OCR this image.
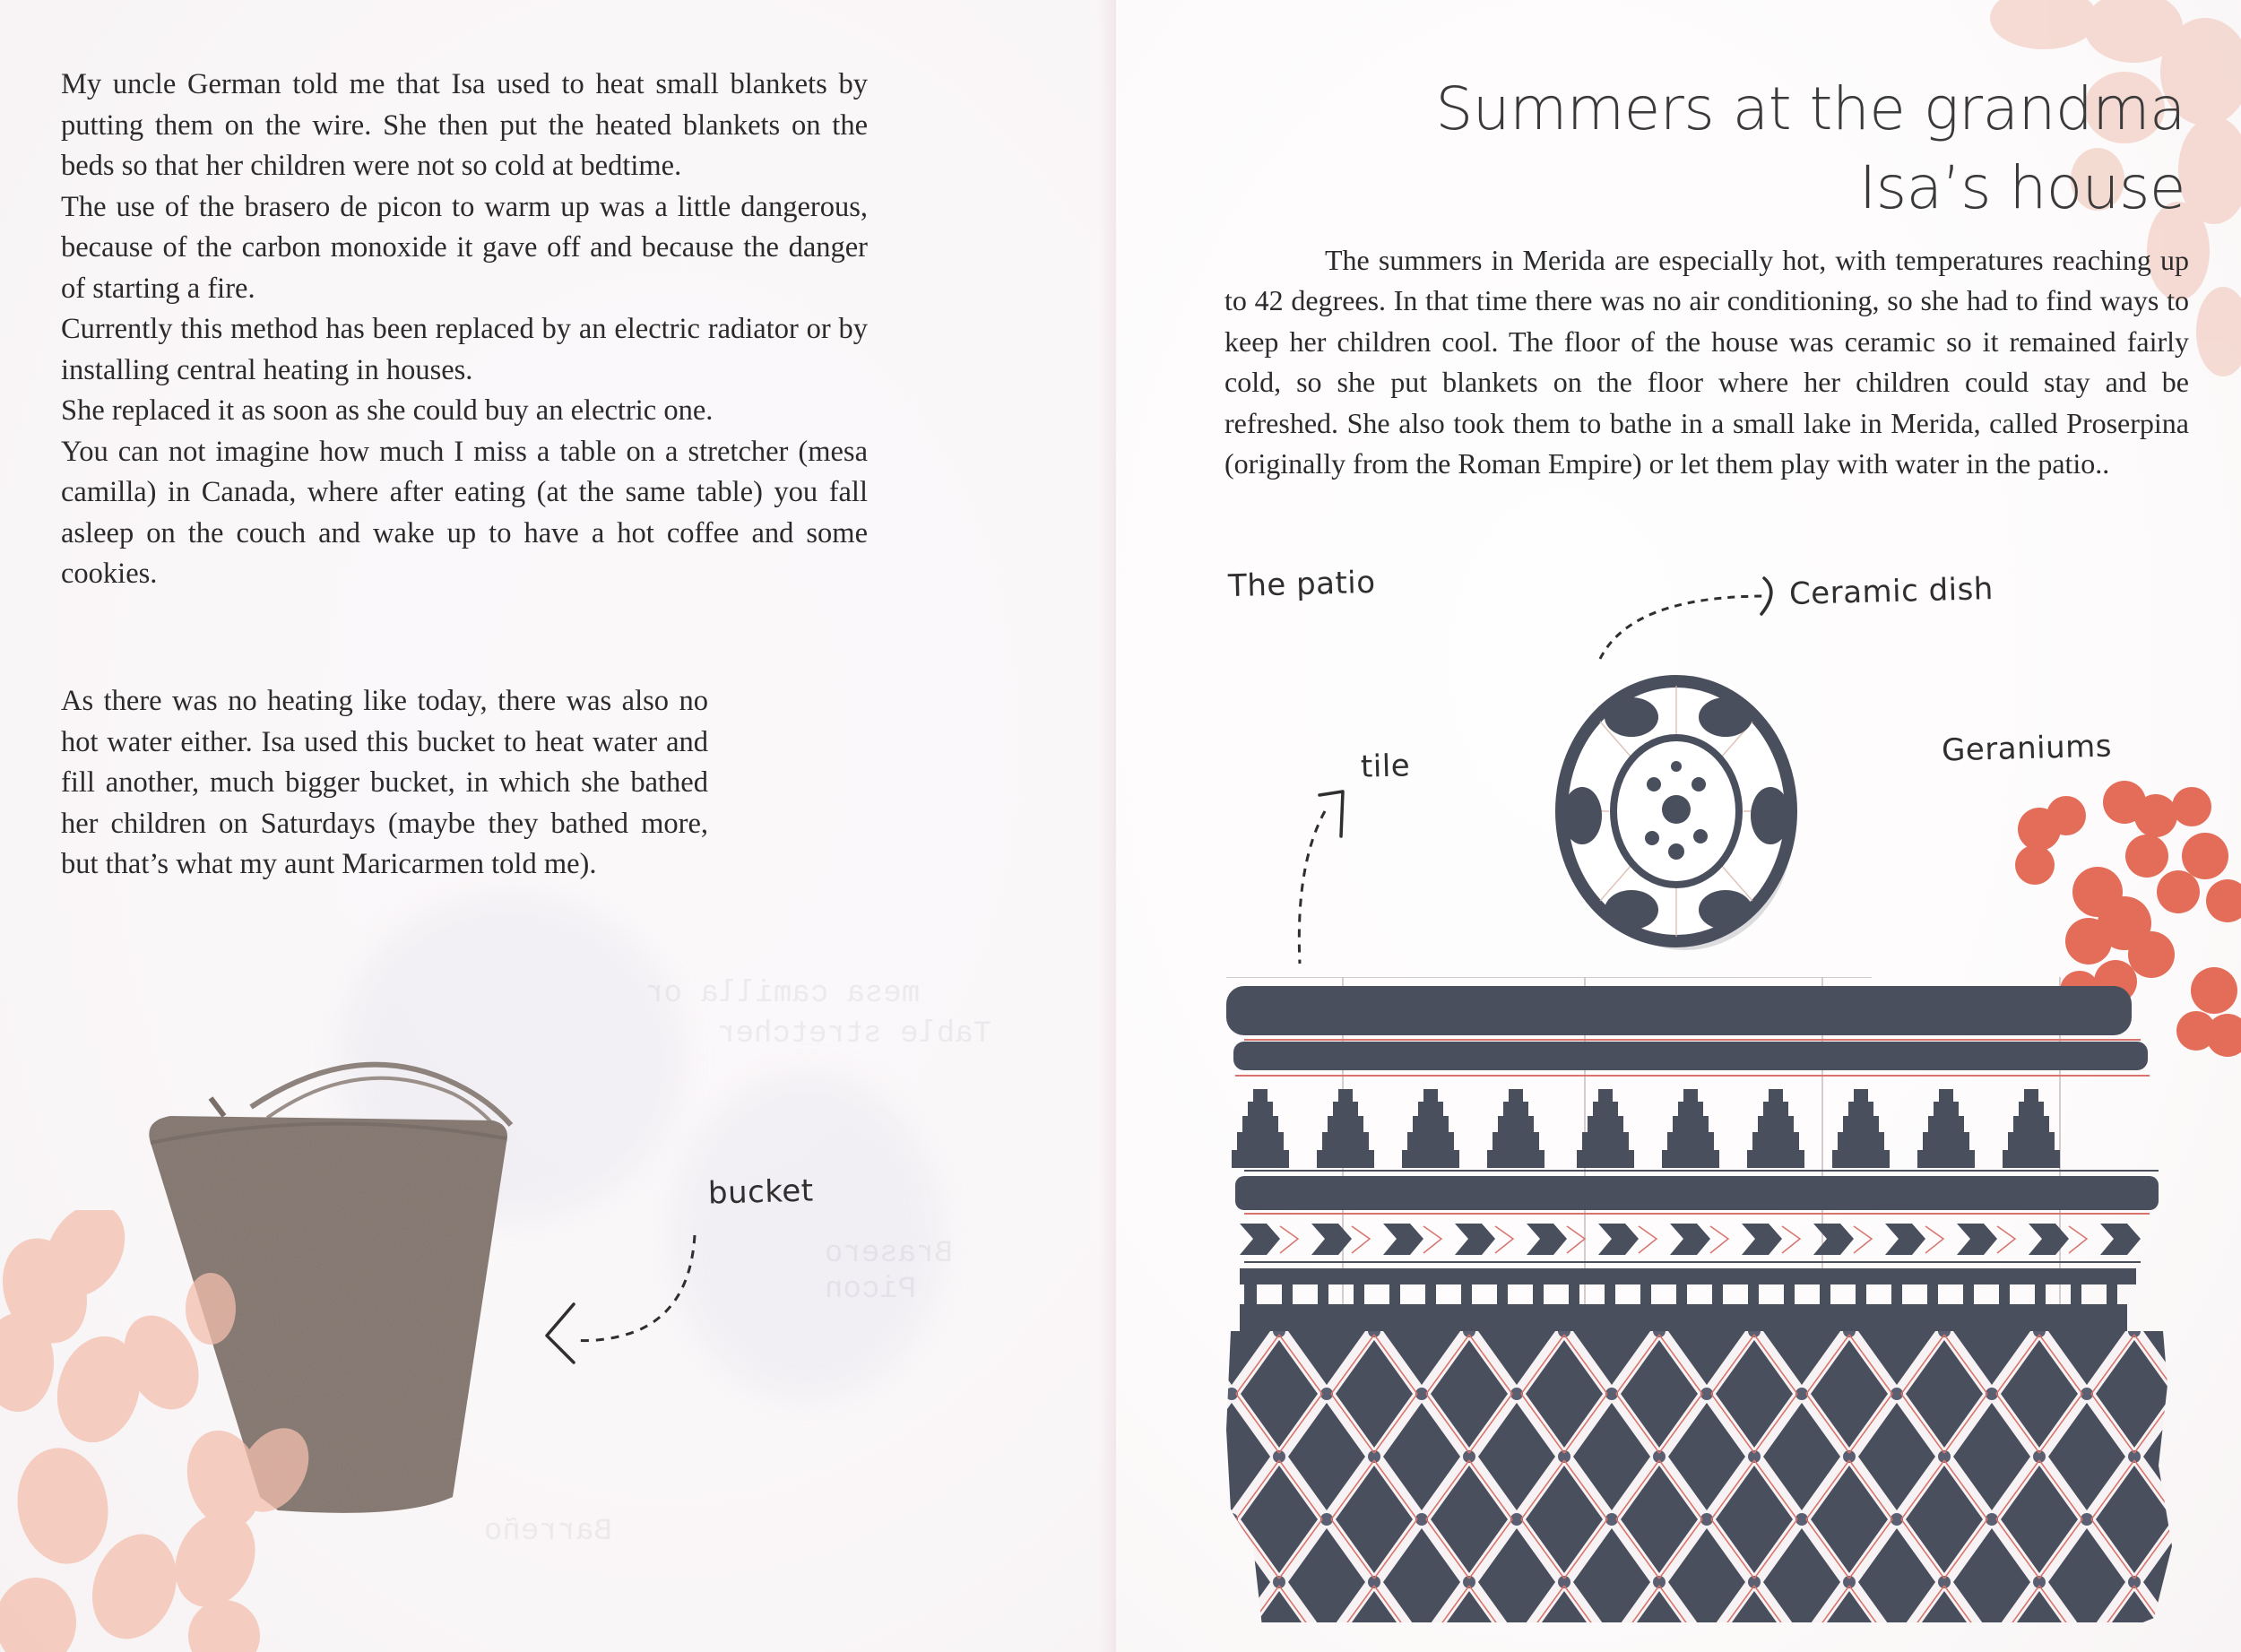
mesa camilla or
Table stretcher
Brasero
Picon
Barreño

My uncle German told me that Isa used to heat small blankets by putting them on the wire. She then put the heated blankets on the beds so that her children were not so cold at bedtime.

The use of the brasero de picon to warm up was a little dangerous, because of the carbon monoxide it gave off and because the danger of starting a fire.

Currently this method has been replaced by an electric radiator or by installing central heating in houses.

She replaced it as soon as she could buy an electric one.

You can not imagine how much I miss a table on a stretcher (mesa camilla) in Canada, where after eating (at the same table) you fall asleep on the couch and wake up to have a hot coffee and some cookies.

As there was no heating like today, there was also no hot water either. Isa used this bucket to heat water and fill another, much bigger bucket, in which she bathed her children on Saturdays (maybe they bathed more, but that’s what my aunt Maricarmen told me).

bucket
Summers at the grandma
Isa’s house

The summers in Merida are especially hot, with temperatures reaching up to 42 degrees. In that time there was no air conditioning, so she had to find ways to keep her children cool. The floor of the house was ceramic so it remained fairly cold, so she put blankets on the floor where her children could stay and be refreshed. She also took them to bathe in a small lake in Merida, called Proserpina (originally from the Roman Empire) or let them play with water in the patio..

The patio	Ceramic dish
tile	Geraniums
